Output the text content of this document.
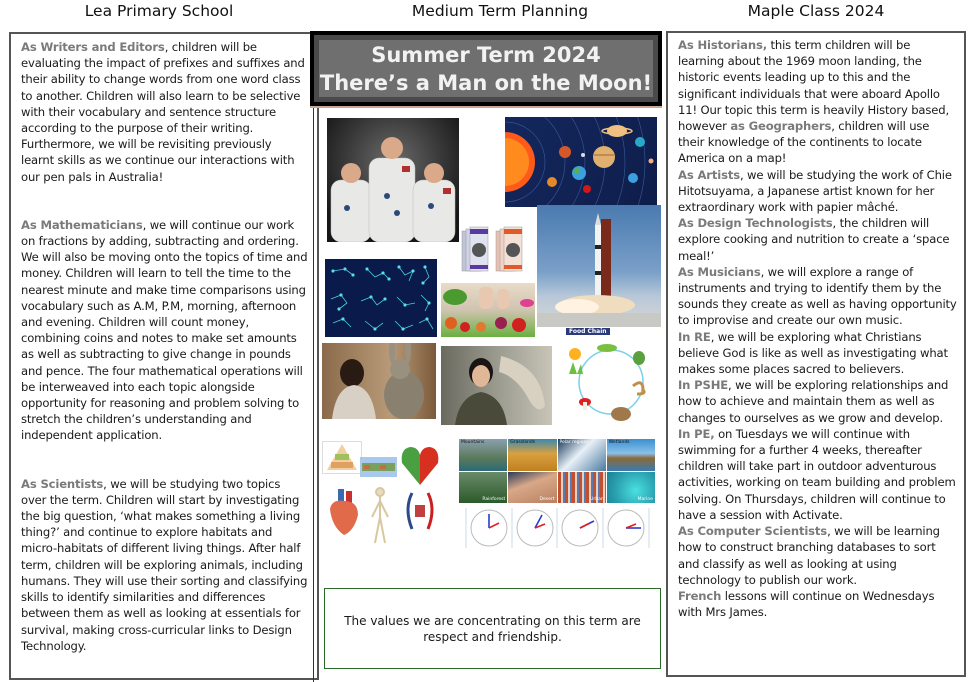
Lea Primary School	Medium Term Planning	Maple Class 2024

As Writers and Editors, children will be evaluating the impact of prefixes and suffixes and their ability to change words from one word class to another. Children will also learn to be selective with their vocabulary and sentence structure according to the purpose of their writing. Furthermore, we will be revisiting previously learnt skills as we continue our interactions with our pen pals in Australia!

As Mathematicians, we will continue our work on fractions by adding, subtracting and ordering. We will also be moving onto the topics of time and money. Children will learn to tell the time to the nearest minute and make time comparisons using vocabulary such as A.M, P.M, morning, afternoon and evening. Children will count money, combining coins and notes to make set amounts as well as subtracting to give change in pounds and pence. The four mathematical operations will be interweaved into each topic alongside opportunity for reasoning and problem solving to stretch the children’s understanding and independent application.

As Scientists, we will be studying two topics over the term. Children will start by investigating the big question, ‘what makes something a living thing?’ and continue to explore habitats and micro-habitats of different living things. After half term, children will be exploring animals, including humans. They will use their sorting and classifying skills to identify similarities and differences between them as well as looking at essentials for survival, making cross-curricular links to Design Technology.

Summer Term 2024
There’s a Man on the Moon!
Food Chain
Mountains	Grasslands	Polar regions	Wetlands
Rainforest	Desert	Urban	Marine
The values we are concentrating on this term are respect and friendship.

As Historians, this term children will be learning about the 1969 moon landing, the historic events leading up to this and the significant individuals that were aboard Apollo 11! Our topic this term is heavily History based, however as Geographers, children will use their knowledge of the continents to locate America on a map!

As Artists, we will be studying the work of Chie Hitotsuyama, a Japanese artist known for her extraordinary work with papier mâché.

As Design Technologists, the children will explore cooking and nutrition to create a ‘space meal!’

As Musicians, we will explore a range of instruments and trying to identify them by the sounds they create as well as having opportunity to improvise and create our own music.

In RE, we will be exploring what Christians believe God is like as well as investigating what makes some places sacred to believers.

In PSHE, we will be exploring relationships and how to achieve and maintain them as well as changes to ourselves as we grow and develop.

In PE, on Tuesdays we will continue with swimming for a further 4 weeks, thereafter children will take part in outdoor adventurous activities, working on team building and problem solving. On Thursdays, children will continue to have a session with Activate.

As Computer Scientists, we will be learning how to construct branching databases to sort and classify as well as looking at using technology to publish our work.

French lessons will continue on Wednesdays with Mrs James.
